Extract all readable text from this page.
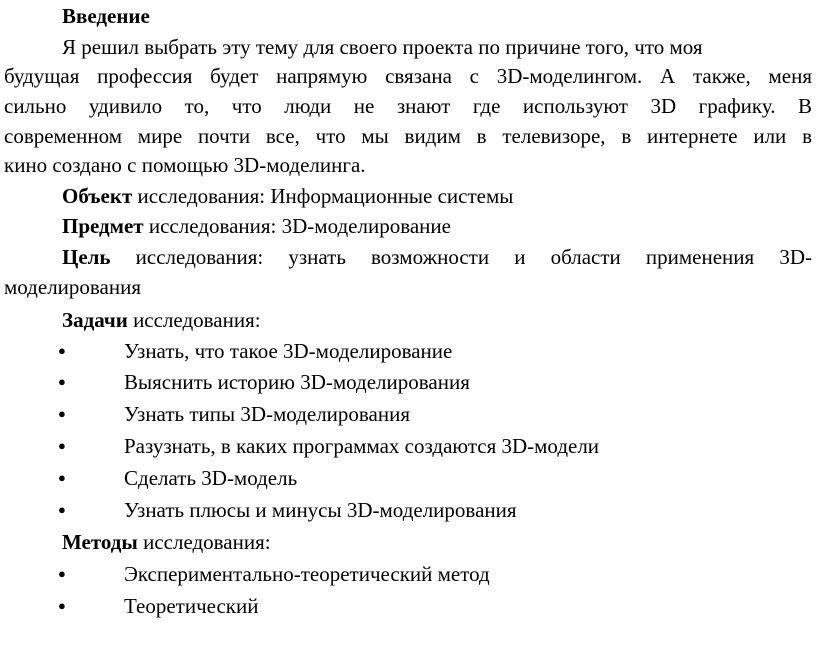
Введение
Я решил выбрать эту тему для своего проекта по причине того, что моя
будущая профессия будет напрямую связана с 3D-моделингом. А также, меня
сильно удивило то, что люди не знают где используют 3D графику. В
современном мире почти все, что мы видим в телевизоре, в интернете или в
кино создано с помощью 3D-моделинга.
Объект исследования: Информационные системы
Предмет исследования: 3D-моделирование
Цель исследования: узнать возможности и области применения 3D-
моделирования
Задачи исследования:
●	Узнать, что такое 3D-моделирование
●	Выяснить историю 3D-моделирования
●	Узнать типы 3D-моделирования
●	Разузнать, в каких программах создаются 3D-модели
●	Сделать 3D-модель
●	Узнать плюсы и минусы 3D-моделирования
Методы исследования:
●	Экспериментально-теоретический метод
●	Теоретический
